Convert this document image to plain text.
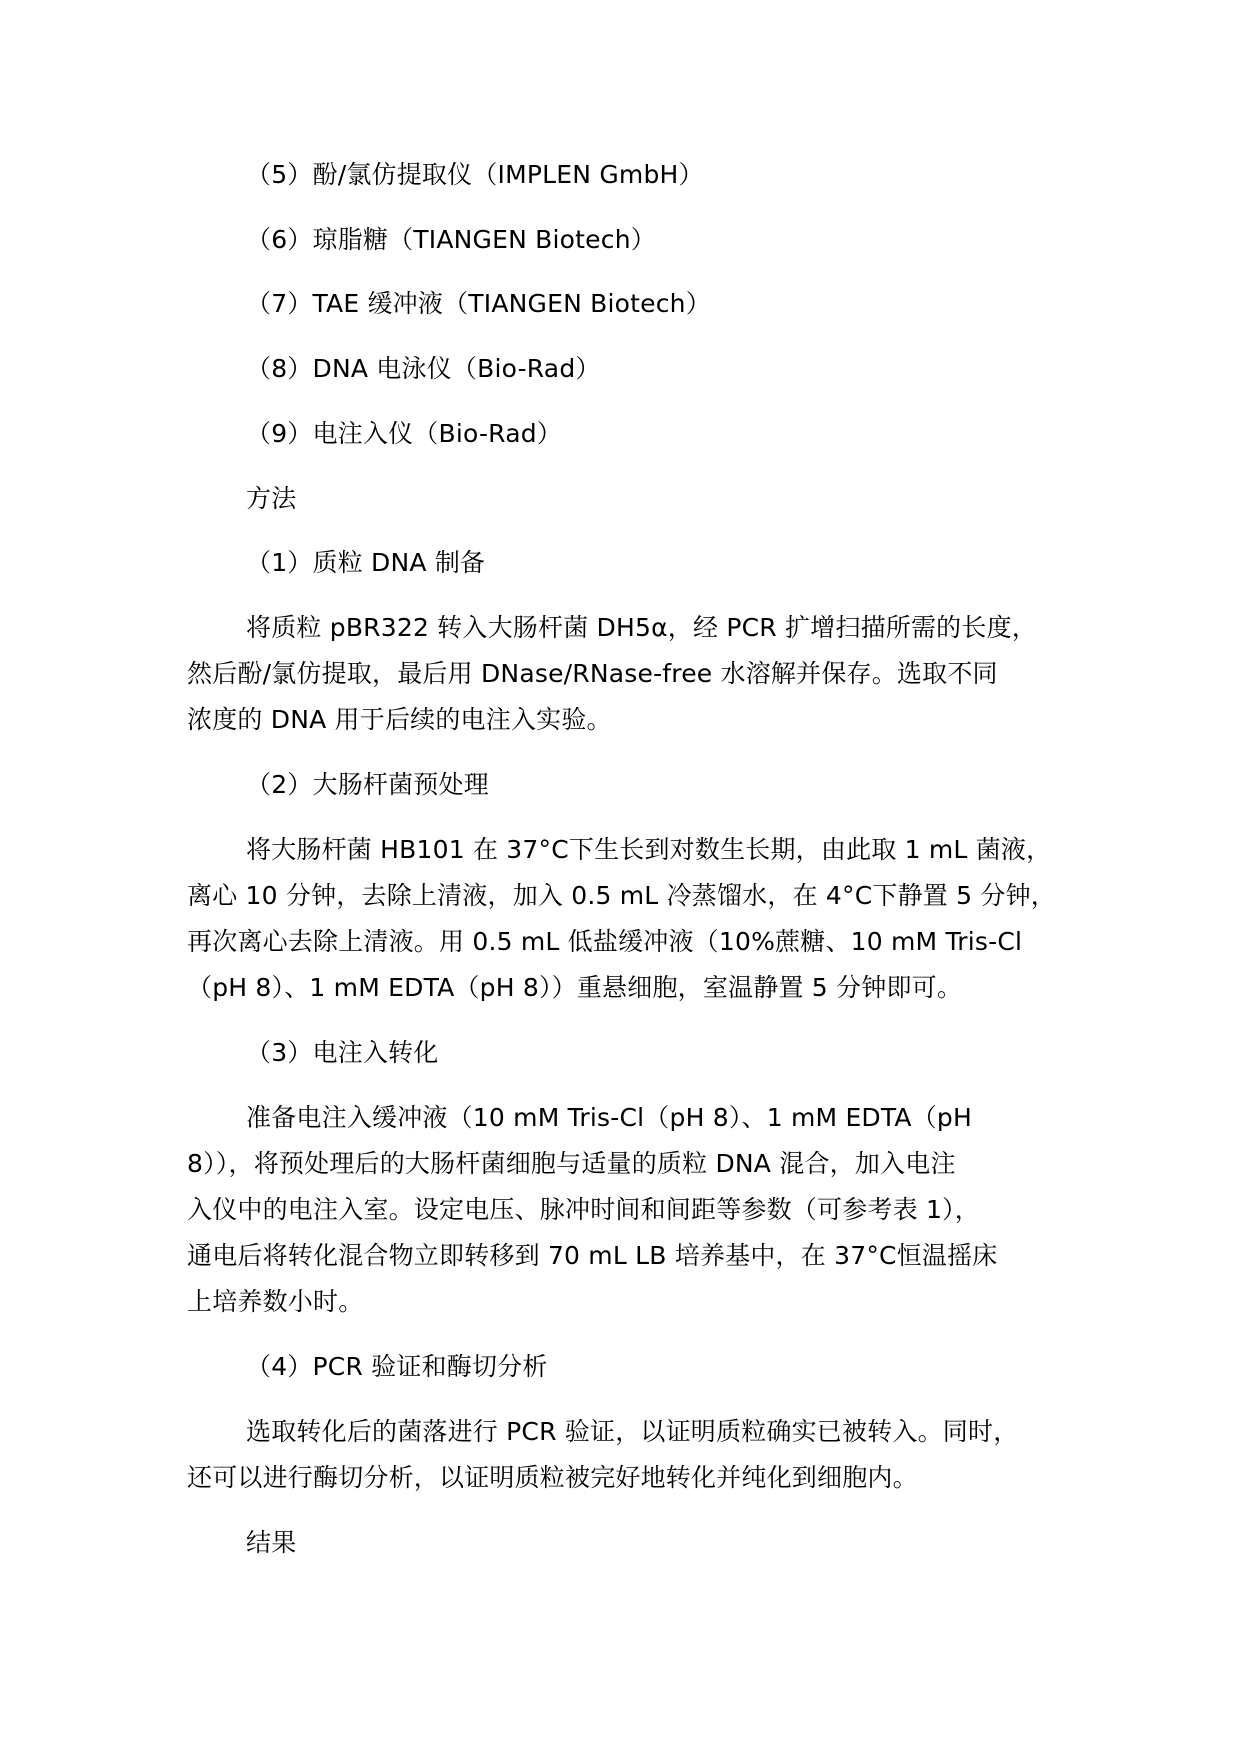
（5）酚/氯仿提取仪（IMPLEN GmbH）
（6）琼脂糖（TIANGEN Biotech）
（7）TAE 缓冲液（TIANGEN Biotech）
（8）DNA 电泳仪（Bio-Rad）
（9）电注入仪（Bio-Rad）
方法
（1）质粒 DNA 制备
将质粒 pBR322 转入大肠杆菌 DH5α，经 PCR 扩增扫描所需的长度，
然后酚/氯仿提取，最后用 DNase/RNase-free 水溶解并保存。选取不同
浓度的 DNA 用于后续的电注入实验。
（2）大肠杆菌预处理
将大肠杆菌 HB101 在 37°C下生长到对数生长期，由此取 1 mL 菌液，
离心 10 分钟，去除上清液，加入 0.5 mL 冷蒸馏水，在 4°C下静置 5 分钟，
再次离心去除上清液。用 0.5 mL 低盐缓冲液（10%蔗糖、10 mM Tris-Cl
（pH 8）、1 mM EDTA（pH 8））重悬细胞，室温静置 5 分钟即可。
（3）电注入转化
准备电注入缓冲液（10 mM Tris-Cl（pH 8）、1 mM EDTA（pH
8）），将预处理后的大肠杆菌细胞与适量的质粒 DNA 混合，加入电注
入仪中的电注入室。设定电压、脉冲时间和间距等参数（可参考表 1），
通电后将转化混合物立即转移到 70 mL LB 培养基中，在 37°C恒温摇床
上培养数小时。
（4）PCR 验证和酶切分析
选取转化后的菌落进行 PCR 验证，以证明质粒确实已被转入。同时，
还可以进行酶切分析，以证明质粒被完好地转化并纯化到细胞内。
结果
